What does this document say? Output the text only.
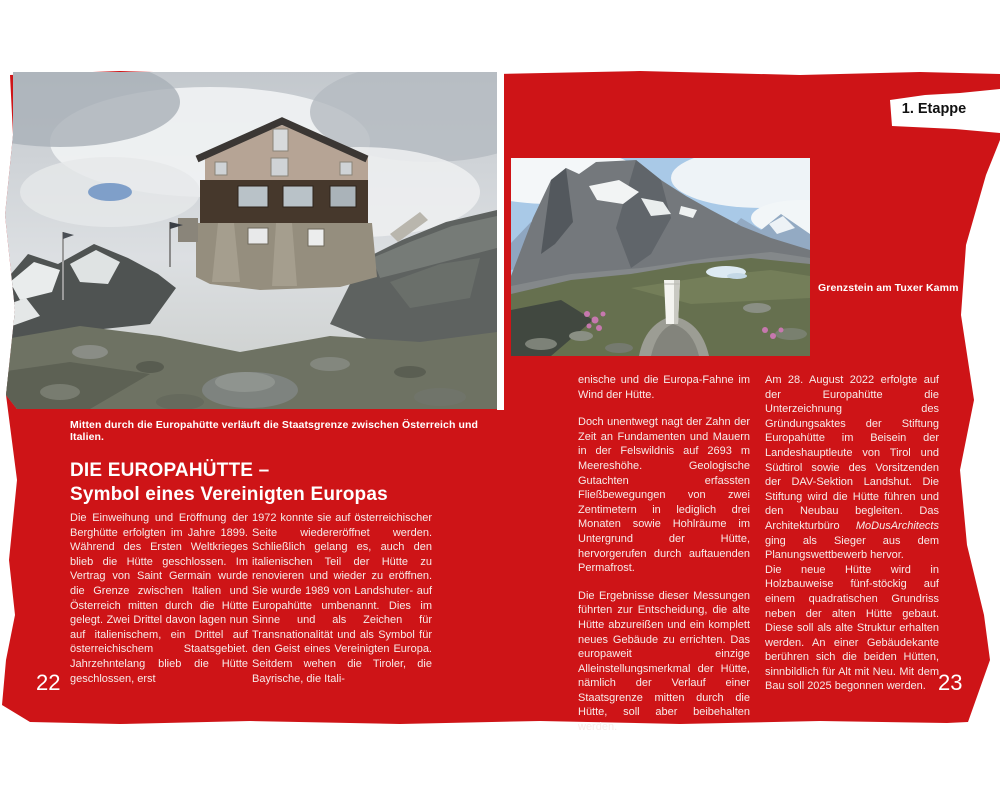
1. Etappe
Mitten durch die Europahütte verläuft die Staatsgrenze zwischen Österreich und Italien.
DIE EUROPAHÜTTE –
Symbol eines Vereinigten Europas

Die Einweihung und Eröffnung der Berghütte erfolgten im Jahre 1899. Während des Ersten Weltkrieges blieb die Hütte geschlossen. Im Vertrag von Saint Germain wurde die Grenze zwischen Italien und Österreich mitten durch die Hütte gelegt. Zwei Drittel davon lagen nun auf italienischem, ein Drittel auf österreichischem Staatsgebiet. Jahrzehntelang blieb die Hütte geschlossen, erst

1972 konnte sie auf österreichischer Seite wiedereröffnet werden. Schließlich gelang es, auch den italienischen Teil der Hütte zu renovieren und wieder zu eröffnen. Sie wurde 1989 von Landshuter- auf Europahütte umbenannt. Dies im Sinne und als Zeichen für Transnationalität und als Symbol für den Geist eines Vereinigten Europa. Seitdem wehen die Tiroler, die Bayrische, die Itali-

Grenzstein am Tuxer Kamm

enische und die Europa-Fahne im Wind der Hütte.

Doch unentwegt nagt der Zahn der Zeit an Fundamenten und Mauern in der Felswildnis auf 2693 m Meereshöhe. Geologische Gutachten erfassten Fließbewegungen von zwei Zentimetern in lediglich drei Monaten sowie Hohlräume im Untergrund der Hütte, hervorgerufen durch auftauenden Permafrost.

Die Ergebnisse dieser Messungen führten zur Entscheidung, die alte Hütte abzureißen und ein komplett neues Gebäude zu errichten. Das europaweit einzige Alleinstellungsmerkmal der Hütte, nämlich der Verlauf einer Staatsgrenze mitten durch die Hütte, soll aber beibehalten werden.

Am 28. August 2022 erfolgte auf der Europahütte die Unterzeichnung des Gründungsaktes der Stiftung Europahütte im Beisein der Landeshauptleute von Tirol und Südtirol sowie des Vorsitzenden der DAV-Sektion Landshut. Die Stiftung wird die Hütte führen und den Neubau begleiten. Das Architekturbüro MoDusArchitects ging als Sieger aus dem Planungswettbewerb hervor.

Die neue Hütte wird in Holzbauweise fünf-stöckig auf einem quadratischen Grundriss neben der alten Hütte gebaut. Diese soll als alte Struktur erhalten werden. An einer Gebäudekante berühren sich die beiden Hütten, sinnbildlich für Alt mit Neu. Mit dem Bau soll 2025 begonnen werden.

22	23
